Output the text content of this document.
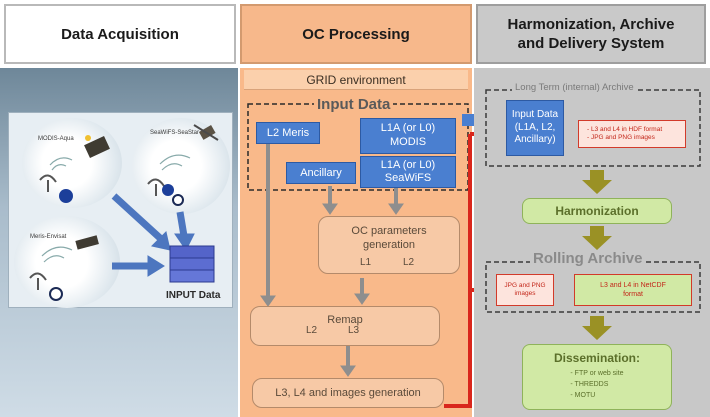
Data Acquisition	OC Processing
Harmonization, Archive
and Delivery System
MODIS-Aqua
SeaWiFS-SeaStar
Meris-Envisat
INPUT Data
GRID environment
Input Data
L2 Meris	L1A (or L0)
MODIS
Ancillary
L1A (or L0)
SeaWiFS
OC parameters
generation
L1	L2
Remap
L2	L3
L3, L4 and images generation
Long Term (internal) Archive
Input Data
(L1A, L2,
Ancillary)
- L3 and L4 in HDF format
- JPG and PNG images
Harmonization
Rolling Archive
JPG and PNG
images
L3 and L4 in NetCDF
format
Dissemination:
- FTP or web site
- THREDDS
- MOTU
